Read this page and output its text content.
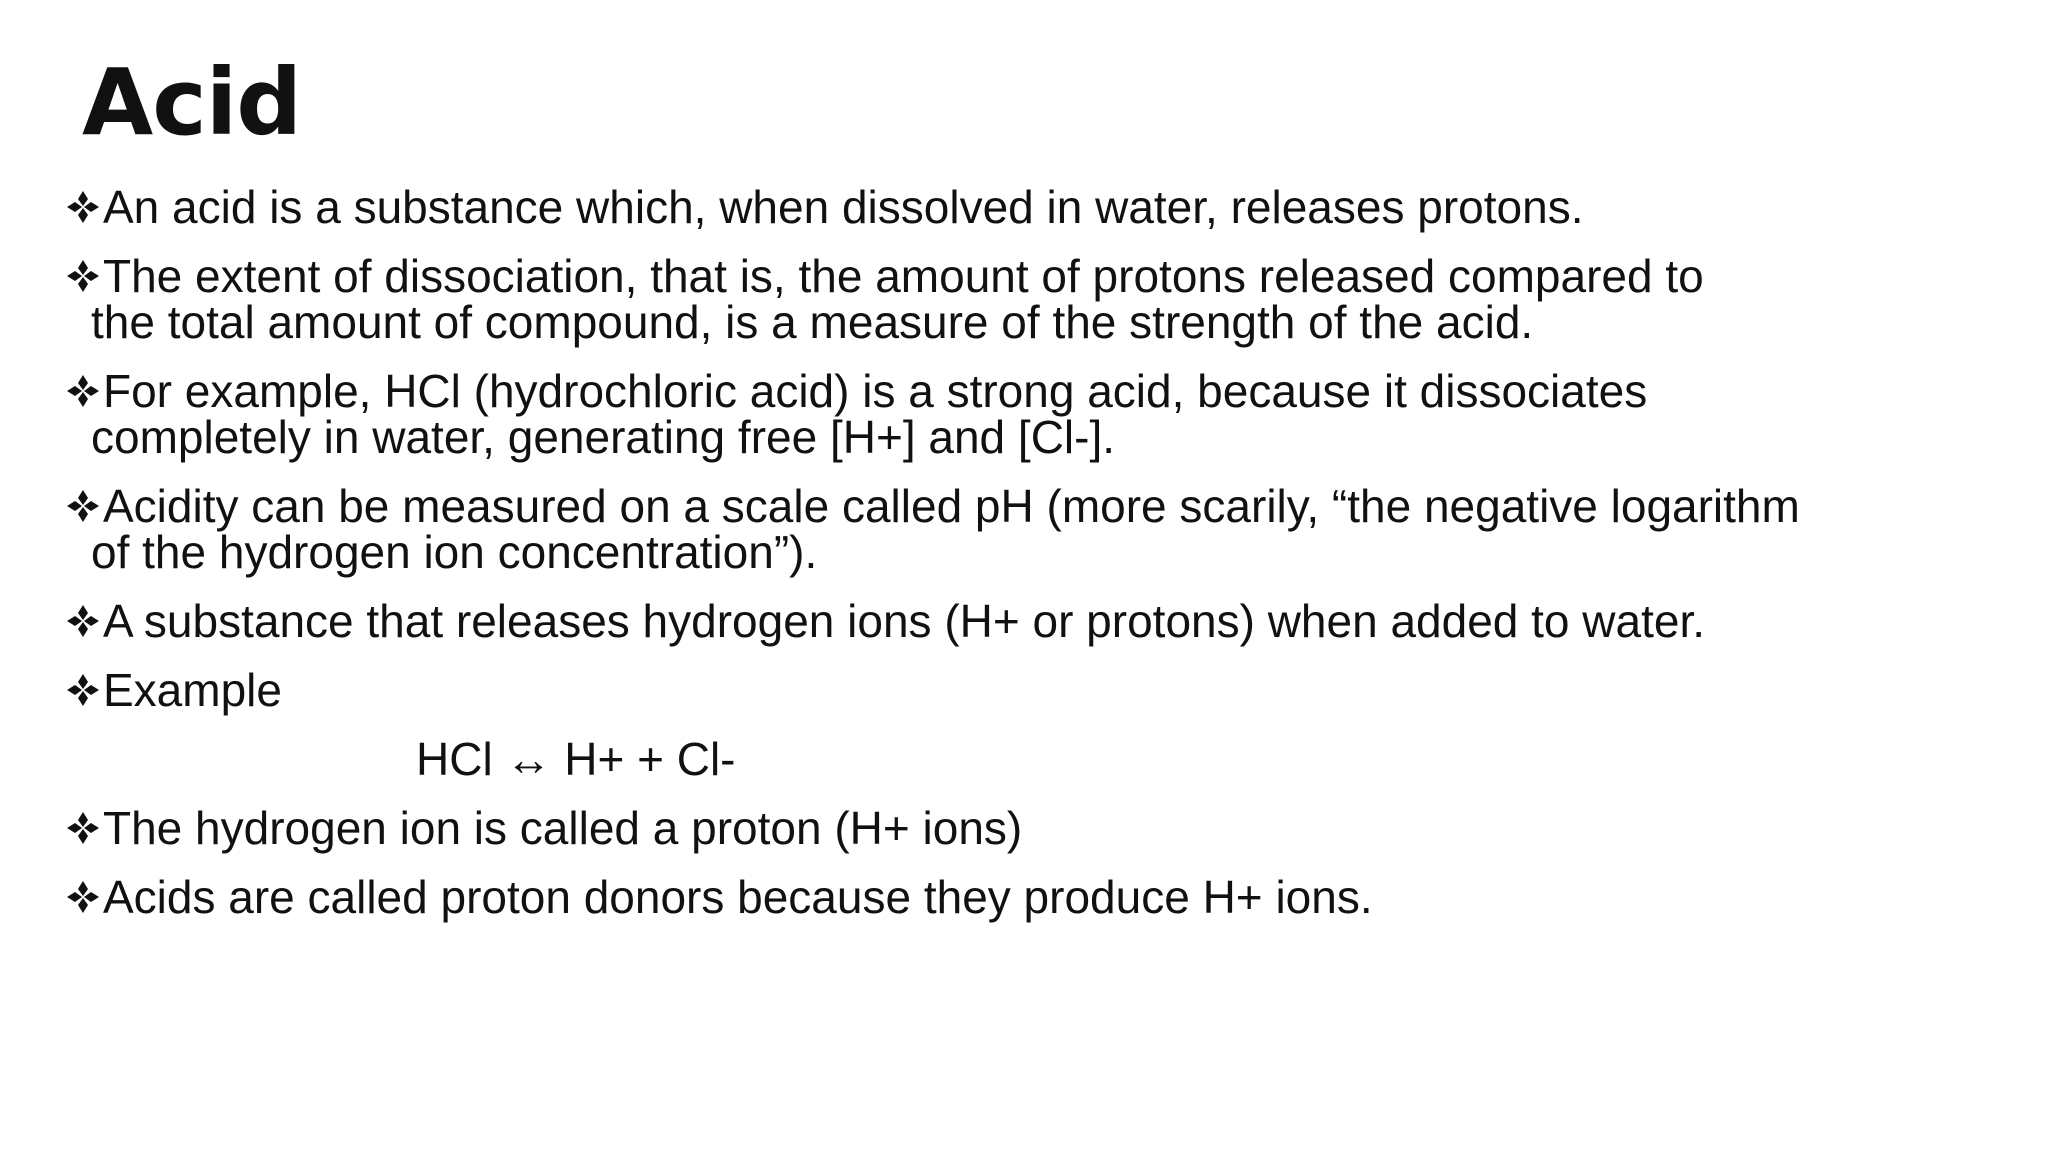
Acid
An acid is a substance which, when dissolved in water, releases protons.
The extent of dissociation, that is, the amount of protons released compared to
the total amount of compound, is a measure of the strength of the acid.
For example, HCl (hydrochloric acid) is a strong acid, because it dissociates
completely in water, generating free [H+] and [Cl-].
Acidity can be measured on a scale called pH (more scarily, “the negative logarithm
of the hydrogen ion concentration”).
A substance that releases hydrogen ions (H+ or protons) when added to water.
Example
HCl ↔ H+ + Cl-
The hydrogen ion is called a proton (H+ ions)
Acids are called proton donors because they produce H+ ions.
